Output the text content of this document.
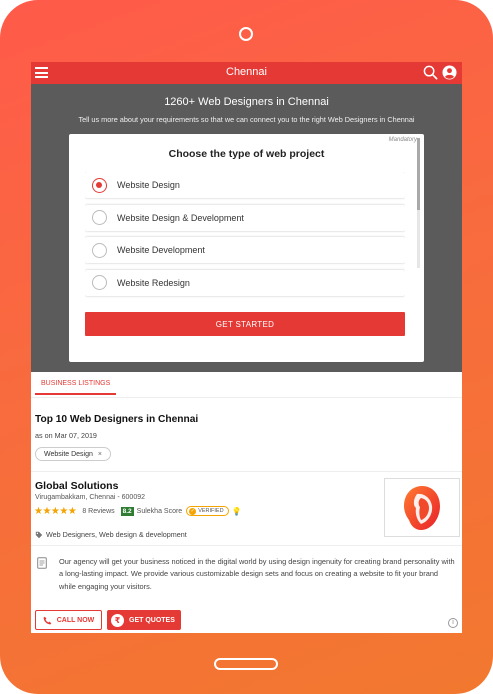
Chennai
1260+ Web Designers in Chennai
Tell us more about your requirements so that we can connect you to the right Web Designers in Chennai
Mandatory
Choose the type of web project
Website Design
Website Design & Development
Website Development
Website Redesign
GET STARTED
BUSINESS LISTINGS
Top 10 Web Designers in Chennai
as on Mar 07, 2019
Website Design ×
Global Solutions
Virugambakkam, Chennai - 600092
★★★★★ 8 Reviews	8.2 Sulekha Score ✓ VERIFIED 💡
Web Designers, Web design & development
Our agency will get your business noticed in the digital world by using design ingenuity for creating brand personality with a long-lasting impact. We provide various customizable design sets and focus on creating a website to fit your brand while engaging your visitors.
CALL NOW	₹	GET QUOTES	i
